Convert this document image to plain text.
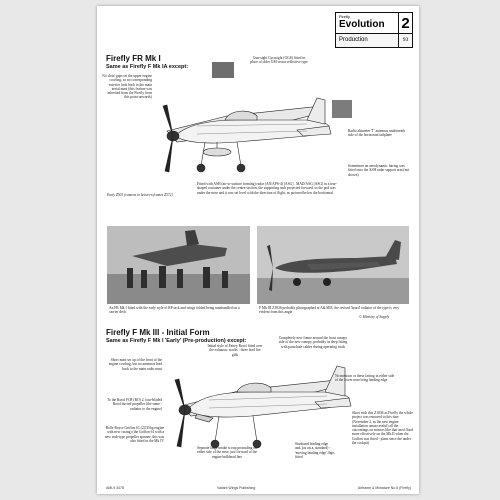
Firefly
Evolution 2
Production	93
Firefly FR Mk I
Same as Firefly F Mk IA except:
Gun-sight Gyrosight (GGS) fitted in place of older GM sector reflective type
No slots/ gaps on the upper engine cowling, so no corresponding exterior look back to the main aerial mast (this feature was inherited from the Firefly from this point onwards)
Radio altimeter 'T' antennas underneath side of the horizontal tailplane
Sometimes an aerodynamic fairing was fitted onto the ASH radar support arm (not shown)
Fitted with ASH (air-to-surface forming) radar (AN/APS-4) [ASG] , MAD/ASG [ASG] in a tear-shaped container under the centre-section, the supporting stub projected forward, so the pod was under the nose and it was set level with the direction of flight, as pictured below the horizontal
Early Z501 (camera in between frames Z572)
An FR Mk I fitted with the early style of RP rack and wings folded being manhandled on a carrier deck
F Mk III Z1826 probably photographed at A&AEE, the revised 'beard' radiator of the type is very evident from this angle
© Ministry of Supply
Firefly F Mk III - Initial Form
Same as Firefly F Mk I 'Early' (Pre-production) except:
Initial style of Fairey Rotol fitted over the exhausts: stacks - three lead fire gills
Completely new frame around the front canopy side of the new canopy, probably in deep fitting with parachute cables during operating trials
Short mast set up of the front of the engine cowling, but no antennas lead back to the main radio mast
To the Rotol FOF (RO) 2, four-bladed Rotol ducted propeller (the same - radiator to the engine)
Rolls-Royce Griffon 61 (2,035hp engine with new casing) (the Griffon 61 with a new stub-type propeller spinner; this was also fitted in the Mk IV
Separate large intake scoop protruding on either side of the nose, just forward of the engine bulkhead line
No mention or these fairing in either side of the lower nose/wing landing edge
Starboard leading edge and, (as on a, standard) - 'moving landing edge' flaps fitted
Short with this Z1836 as Firefly the whole project was removed to this date (November 2, as the new engine installation unsuccessful) all the cutcomings on mirrors like that used flood more effectively on the Mk.II when the Griffon was fitted - plans since the under the cockpit)
AML9 3478	Valiant Wings Publishing	Airframe & Miniature No.5 (Firefly)
